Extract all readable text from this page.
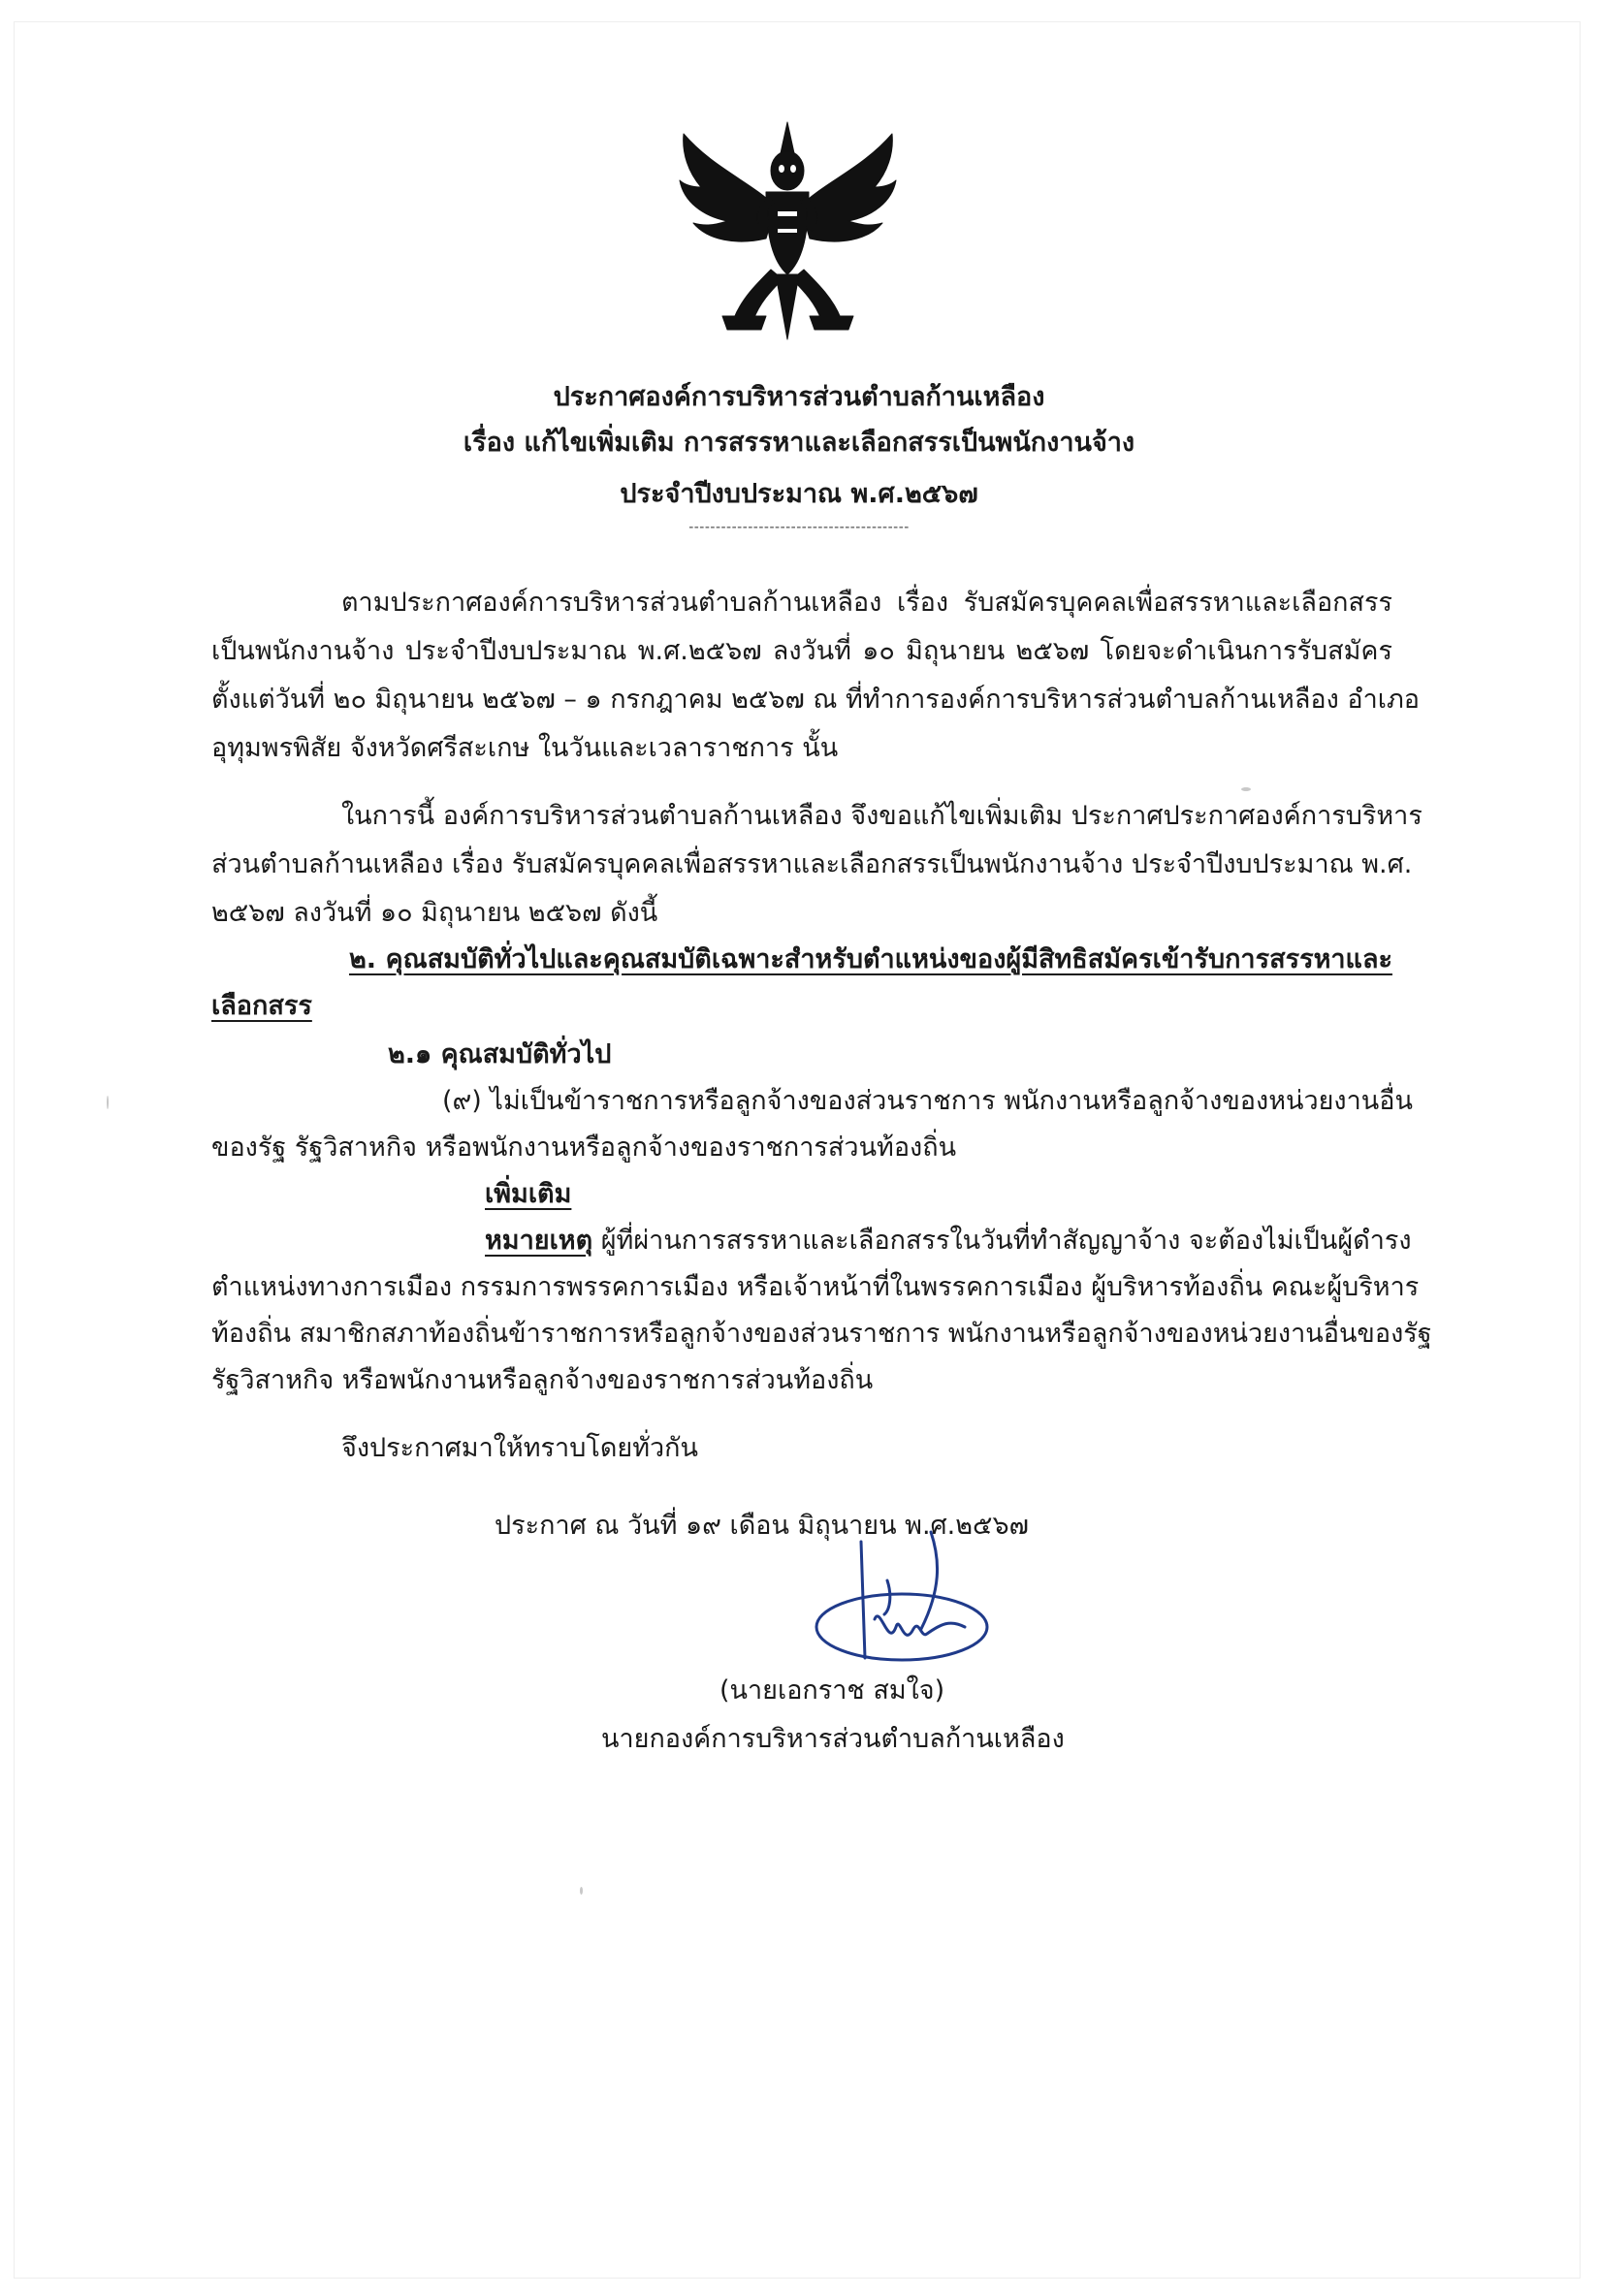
ประกาศองค์การบริหารส่วนตำบลก้านเหลือง
เรื่อง แก้ไขเพิ่มเติม การสรรหาและเลือกสรรเป็นพนักงานจ้าง
ประจำปีงบประมาณ พ.ศ.๒๕๖๗
-----------------------------------------
ตามประกาศองค์การบริหารส่วนตำบลก้านเหลือง เรื่อง รับสมัครบุคคลเพื่อสรรหาและเลือกสรร
เป็นพนักงานจ้าง ประจำปีงบประมาณ พ.ศ.๒๕๖๗ ลงวันที่ ๑๐ มิถุนายน ๒๕๖๗ โดยจะดำเนินการรับสมัคร
ตั้งแต่วันที่ ๒๐ มิถุนายน ๒๕๖๗ – ๑ กรกฎาคม ๒๕๖๗ ณ ที่ทำการองค์การบริหารส่วนตำบลก้านเหลือง อำเภอ
อุทุมพรพิสัย จังหวัดศรีสะเกษ ในวันและเวลาราชการ นั้น
ในการนี้ องค์การบริหารส่วนตำบลก้านเหลือง จึงขอแก้ไขเพิ่มเติม ประกาศประกาศองค์การบริหาร
ส่วนตำบลก้านเหลือง เรื่อง รับสมัครบุคคลเพื่อสรรหาและเลือกสรรเป็นพนักงานจ้าง ประจำปีงบประมาณ พ.ศ.
๒๕๖๗ ลงวันที่ ๑๐ มิถุนายน ๒๕๖๗ ดังนี้
๒. คุณสมบัติทั่วไปและคุณสมบัติเฉพาะสำหรับตำแหน่งของผู้มีสิทธิสมัครเข้ารับการสรรหาและ
เลือกสรร
๒.๑ คุณสมบัติทั่วไป
(๙) ไม่เป็นข้าราชการหรือลูกจ้างของส่วนราชการ พนักงานหรือลูกจ้างของหน่วยงานอื่น
ของรัฐ รัฐวิสาหกิจ หรือพนักงานหรือลูกจ้างของราชการส่วนท้องถิ่น
เพิ่มเติม
หมายเหตุ ผู้ที่ผ่านการสรรหาและเลือกสรรในวันที่ทำสัญญาจ้าง จะต้องไม่เป็นผู้ดำรง
ตำแหน่งทางการเมือง กรรมการพรรคการเมือง หรือเจ้าหน้าที่ในพรรคการเมือง ผู้บริหารท้องถิ่น คณะผู้บริหาร
ท้องถิ่น สมาชิกสภาท้องถิ่นข้าราชการหรือลูกจ้างของส่วนราชการ พนักงานหรือลูกจ้างของหน่วยงานอื่นของรัฐ
รัฐวิสาหกิจ หรือพนักงานหรือลูกจ้างของราชการส่วนท้องถิ่น
จึงประกาศมาให้ทราบโดยทั่วกัน
ประกาศ ณ วันที่ ๑๙ เดือน มิถุนายน พ.ศ.๒๕๖๗
(นายเอกราช สมใจ)
นายกองค์การบริหารส่วนตำบลก้านเหลือง
